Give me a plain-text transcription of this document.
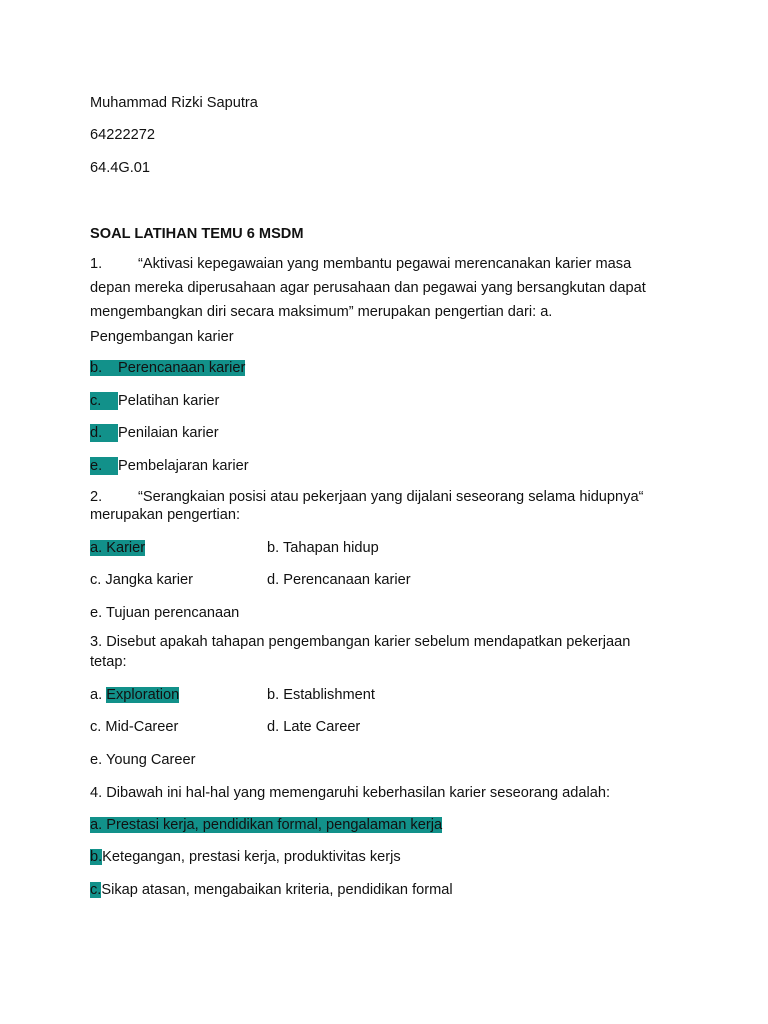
Muhammad Rizki Saputra
64222272
64.4G.01
SOAL LATIHAN TEMU 6 MSDM
1. “Aktivasi kepegawaian yang membantu pegawai merencanakan karier masa
depan mereka diperusahaan agar perusahaan dan pegawai yang bersangkutan dapat
mengembangkan diri secara maksimum” merupakan pengertian dari: a.
Pengembangan karier
b. Perencanaan karier
c. Pelatihan karier
d. Penilaian karier
e. Pembelajaran karier
2. “Serangkaian posisi atau pekerjaan yang dijalani seseorang selama hidupnya“
merupakan pengertian:
a. Karier	b. Tahapan hidup
c. Jangka karier	d. Perencanaan karier
e. Tujuan perencanaan
3. Disebut apakah tahapan pengembangan karier sebelum mendapatkan pekerjaan
tetap:
a. Exploration	b. Establishment
c. Mid-Career	d. Late Career
e. Young Career
4. Dibawah ini hal-hal yang memengaruhi keberhasilan karier seseorang adalah:
a. Prestasi kerja, pendidikan formal, pengalaman kerja
b.Ketegangan, prestasi kerja, produktivitas kerjs
c.Sikap atasan, mengabaikan kriteria, pendidikan formal
